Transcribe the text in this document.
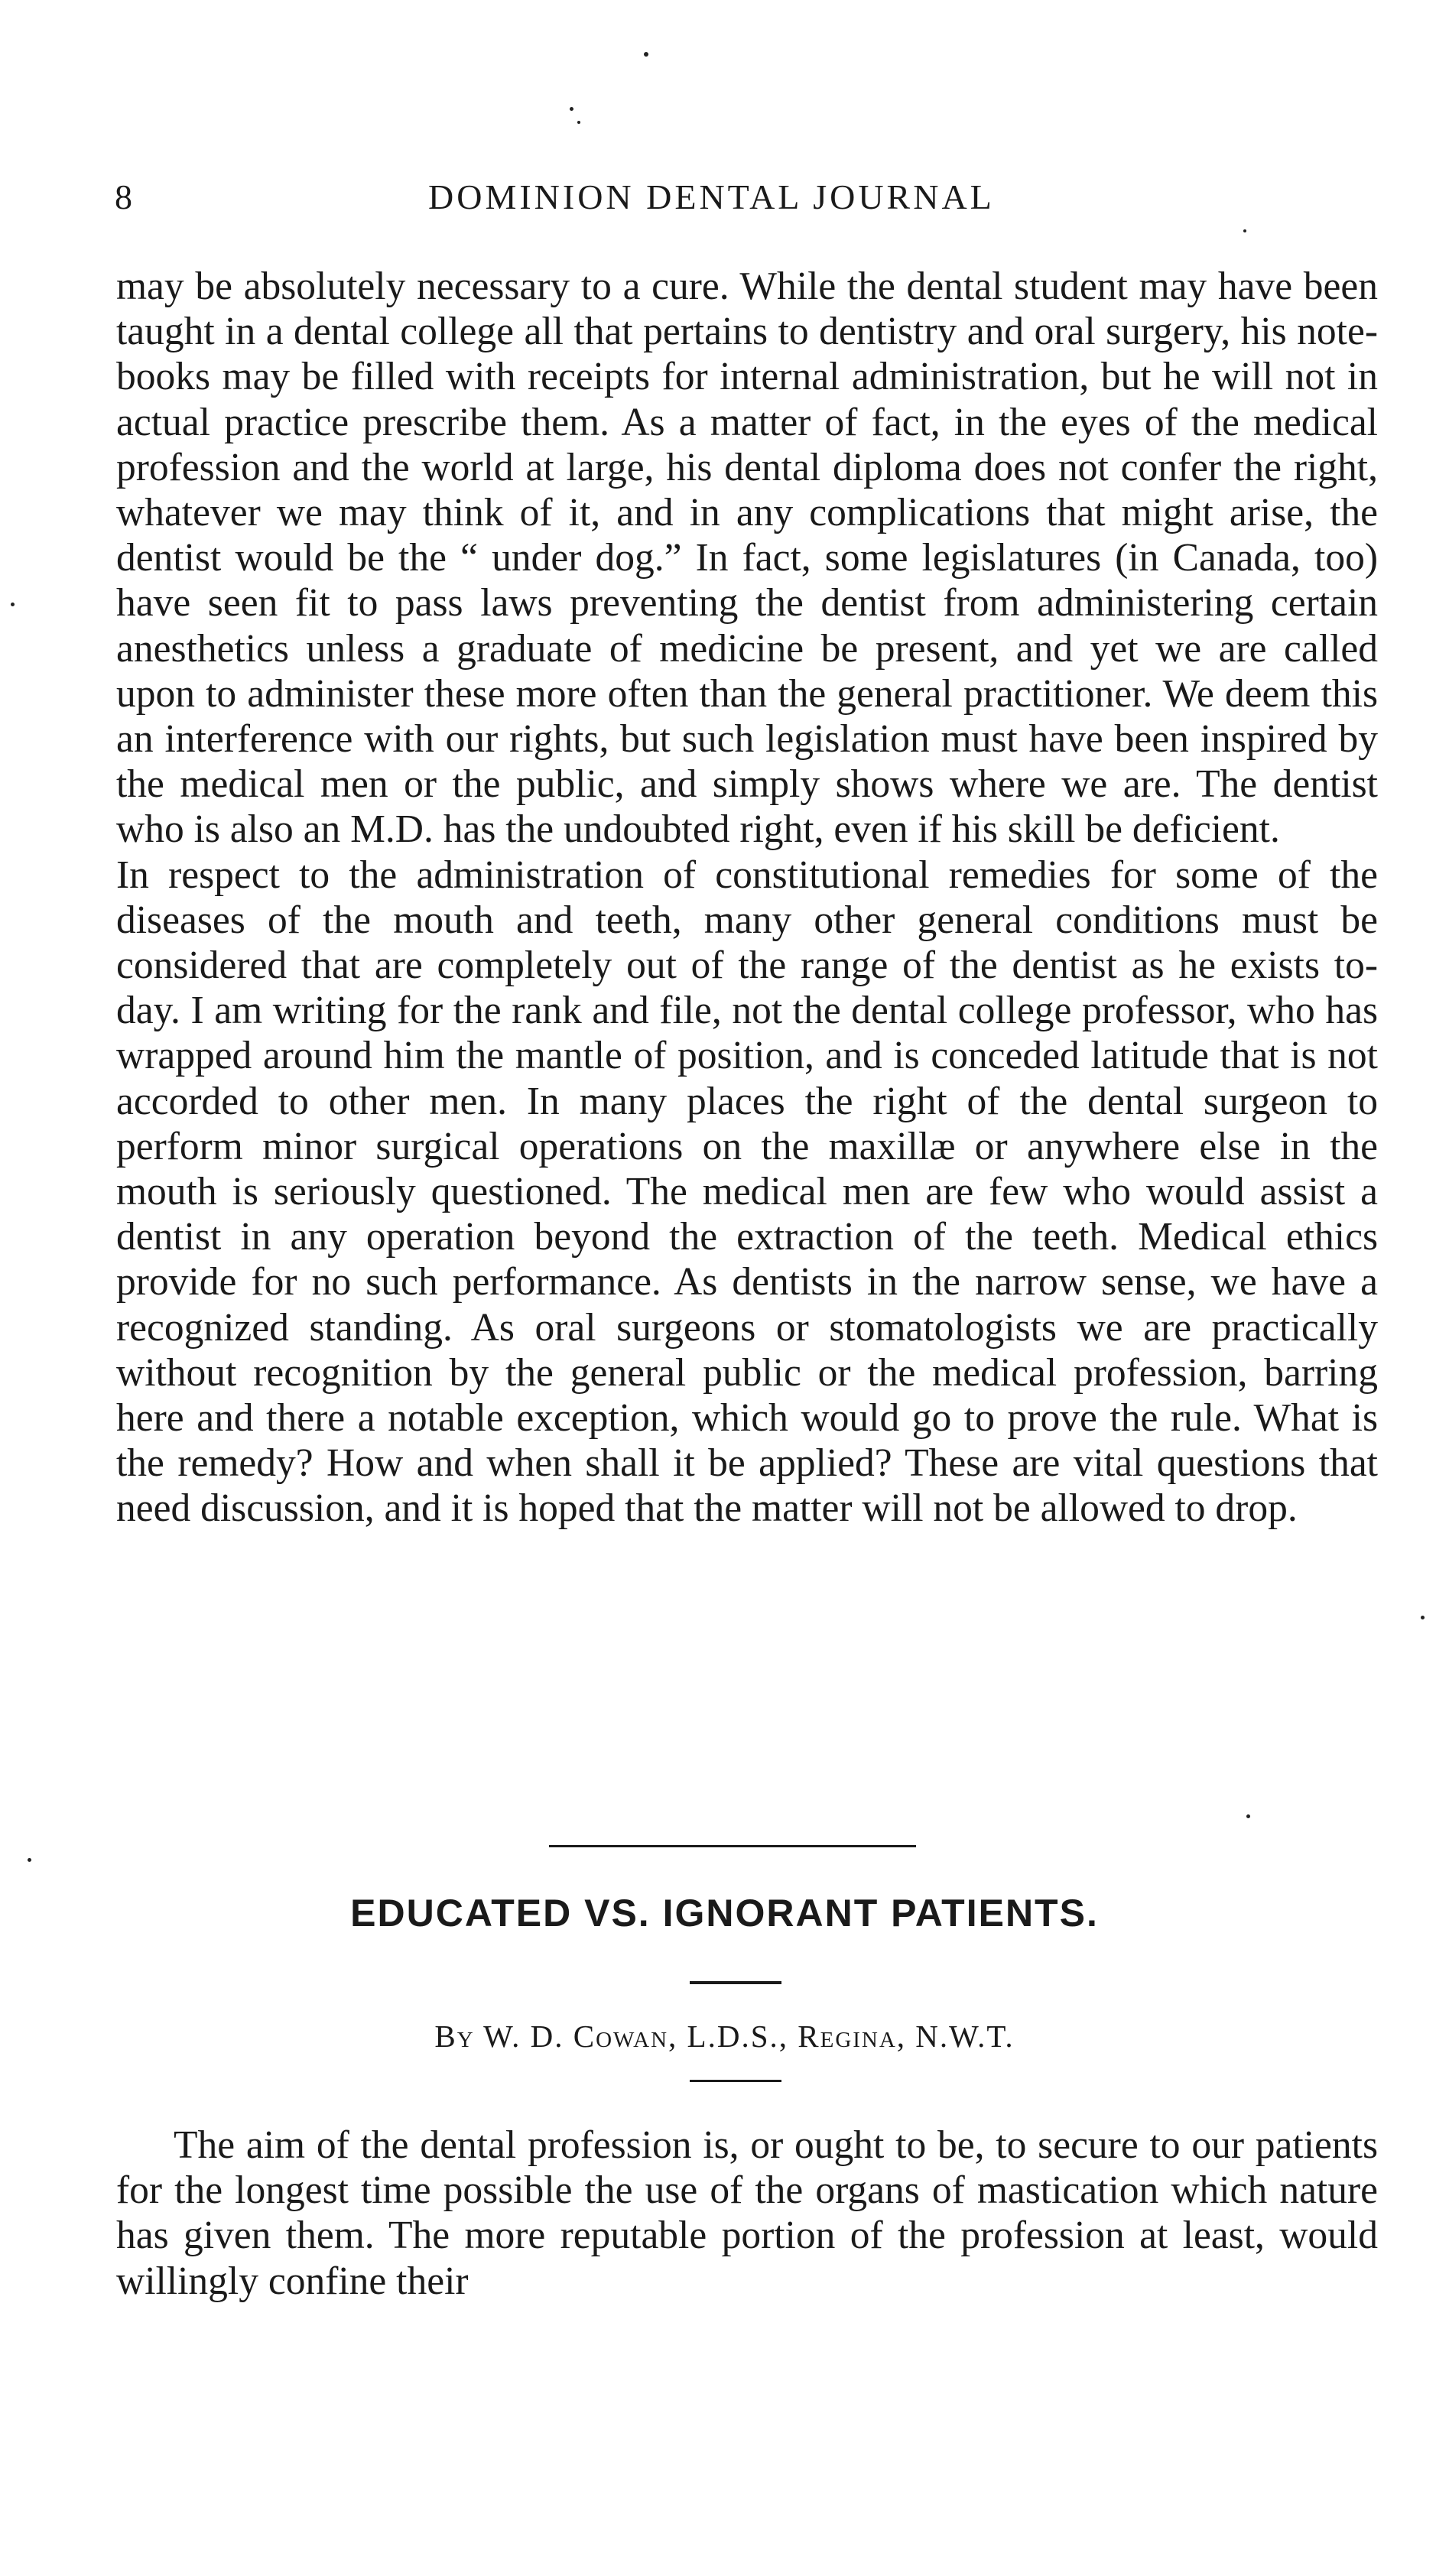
8	DOMINION DENTAL JOURNAL

may be absolutely necessary to a cure. While the dental student may have been taught in a dental college all that pertains to dentistry and oral surgery, his note-books may be filled with receipts for internal administration, but he will not in actual practice prescribe them. As a matter of fact, in the eyes of the medical profession and the world at large, his dental diploma does not confer the right, whatever we may think of it, and in any complications that might arise, the dentist would be the “ under dog.” In fact, some legislatures (in Canada, too) have seen fit to pass laws preventing the dentist from administering certain anesthetics unless a graduate of medicine be present, and yet we are called upon to administer these more often than the general practitioner. We deem this an interference with our rights, but such legislation must have been inspired by the medical men or the public, and simply shows where we are. The dentist who is also an M.D. has the undoubted right, even if his skill be deficient.

In respect to the administration of constitutional remedies for some of the diseases of the mouth and teeth, many other general conditions must be considered that are completely out of the range of the dentist as he exists to-day. I am writing for the rank and file, not the dental college professor, who has wrapped around him the mantle of position, and is conceded latitude that is not accorded to other men. In many places the right of the dental surgeon to perform minor surgical operations on the maxillæ or anywhere else in the mouth is seriously questioned. The medical men are few who would assist a dentist in any operation beyond the extraction of the teeth. Medical ethics provide for no such performance. As dentists in the narrow sense, we have a recognized standing. As oral surgeons or stomatologists we are practically without recognition by the general public or the medical profession, barring here and there a notable exception, which would go to prove the rule. What is the remedy? How and when shall it be applied? These are vital questions that need discussion, and it is hoped that the matter will not be allowed to drop.

EDUCATED VS. IGNORANT PATIENTS.

By W. D. Cowan, L.D.S., Regina, N.W.T.

The aim of the dental profession is, or ought to be, to secure to our patients for the longest time possible the use of the organs of mastication which nature has given them. The more reputable portion of the profession at least, would willingly confine their
